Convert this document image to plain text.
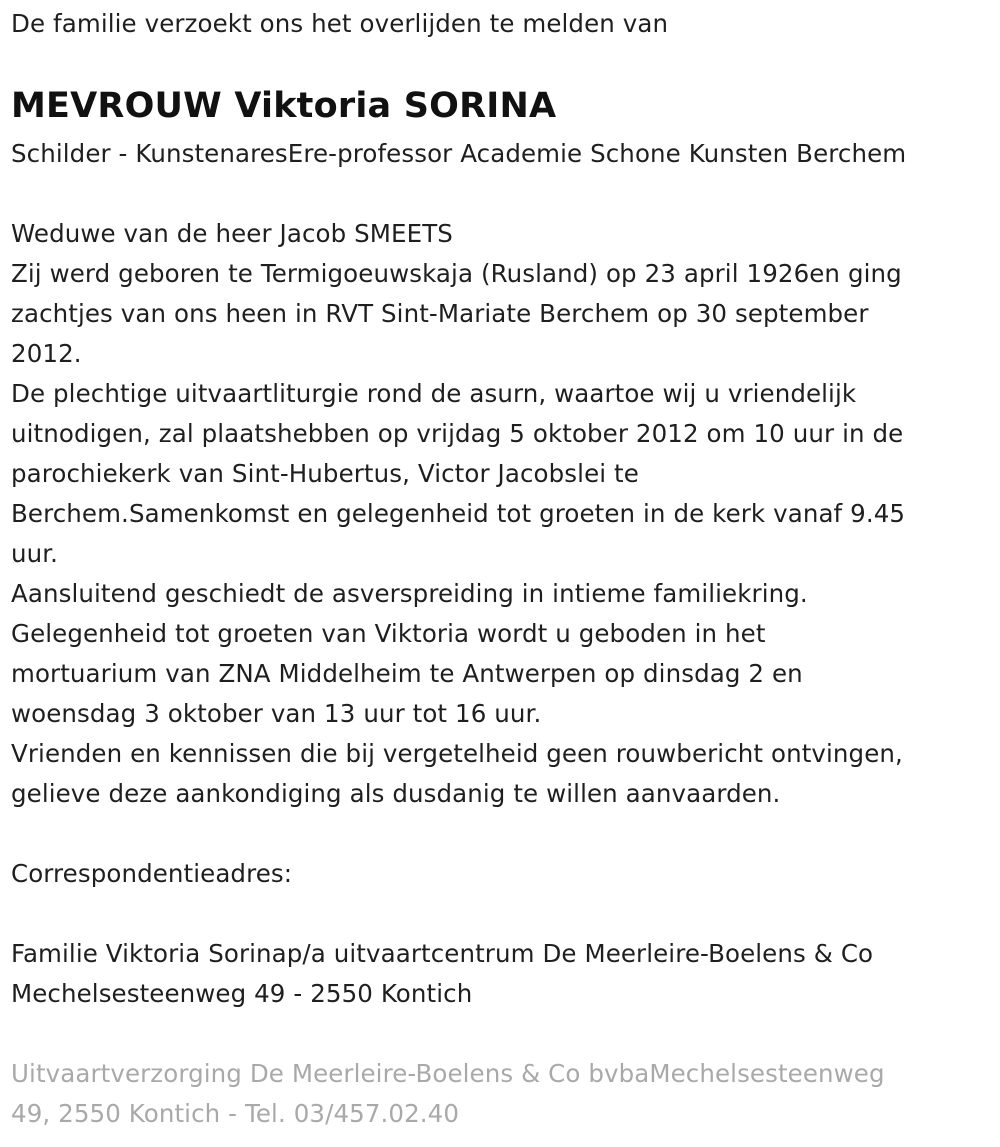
De familie verzoekt ons het overlijden te melden van
MEVROUW Viktoria SORINA
Schilder - KunstenaresEre-professor Academie Schone Kunsten Berchem
Weduwe van de heer Jacob SMEETS
Zij werd geboren te Termigoeuwskaja (Rusland) op 23 april 1926en ging
zachtjes van ons heen in RVT Sint-Mariate Berchem op 30 september
2012.
De plechtige uitvaartliturgie rond de asurn, waartoe wij u vriendelijk
uitnodigen, zal plaatshebben op vrijdag 5 oktober 2012 om 10 uur in de
parochiekerk van Sint-Hubertus, Victor Jacobslei te
Berchem.Samenkomst en gelegenheid tot groeten in de kerk vanaf 9.45
uur.
Aansluitend geschiedt de asverspreiding in intieme familiekring.
Gelegenheid tot groeten van Viktoria wordt u geboden in het
mortuarium van ZNA Middelheim te Antwerpen op dinsdag 2 en
woensdag 3 oktober van 13 uur tot 16 uur.
Vrienden en kennissen die bij vergetelheid geen rouwbericht ontvingen,
gelieve deze aankondiging als dusdanig te willen aanvaarden.
Correspondentieadres:
Familie Viktoria Sorinap/a uitvaartcentrum De Meerleire-Boelens & Co
Mechelsesteenweg 49 - 2550 Kontich
Uitvaartverzorging De Meerleire-Boelens & Co bvbaMechelsesteenweg
49, 2550 Kontich - Tel. 03/457.02.40
